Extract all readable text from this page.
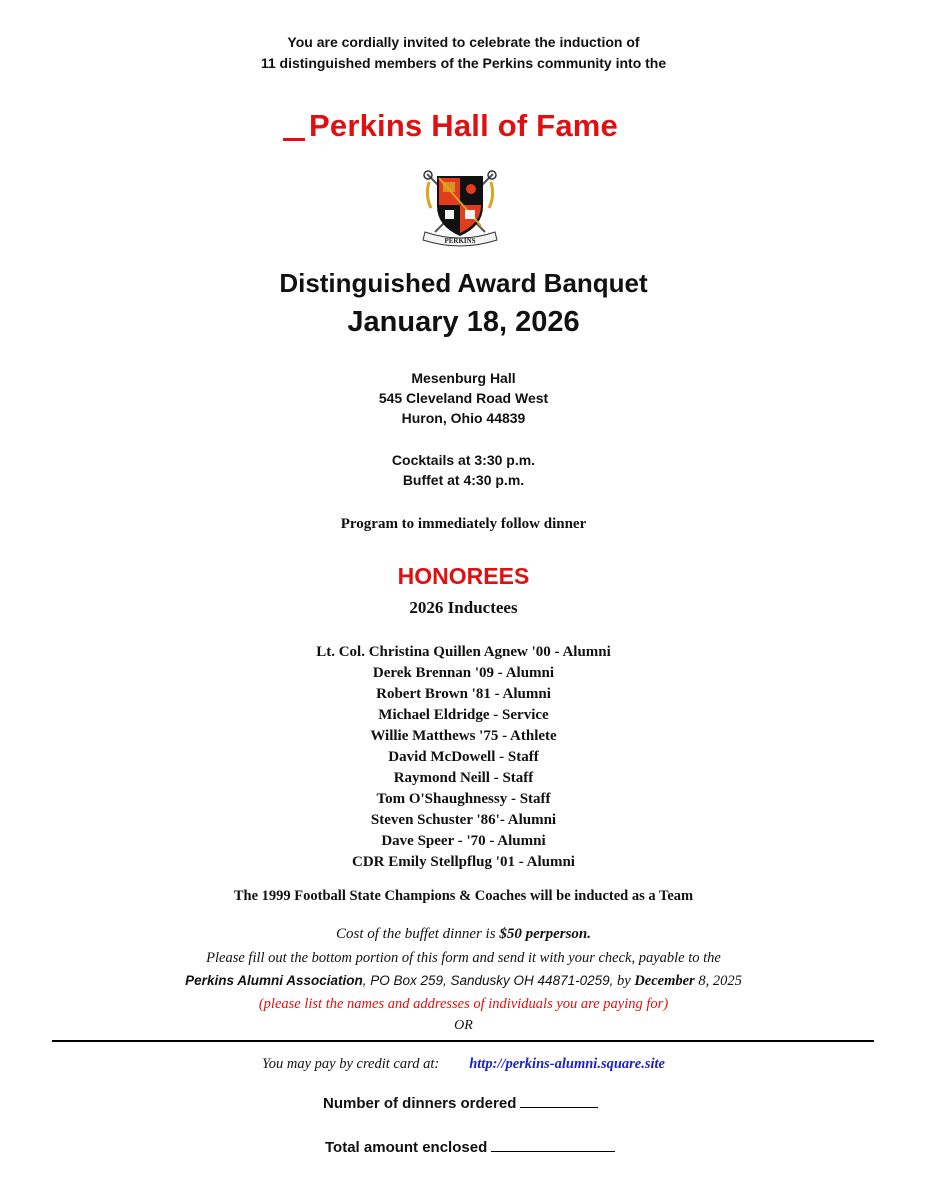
You are cordially invited to celebrate the induction of
11 distinguished members of the Perkins community into the
Perkins Hall of Fame
PERKINS
Distinguished Award Banquet
January 18, 2026
Mesenburg Hall
545 Cleveland Road West
Huron, Ohio 44839
Cocktails at 3:30 p.m.
Buffet at 4:30 p.m.
Program to immediately follow dinner
HONOREES
2026 Inductees
Lt. Col. Christina Quillen Agnew '00 - Alumni
Derek Brennan '09 - Alumni
Robert Brown '81 - Alumni
Michael Eldridge - Service
Willie Matthews '75 - Athlete
David McDowell - Staff
Raymond Neill - Staff
Tom O'Shaughnessy - Staff
Steven Schuster '86'- Alumni
Dave Speer - '70 - Alumni
CDR Emily Stellpflug '01 - Alumni
The 1999 Football State Champions & Coaches will be inducted as a Team
Cost of the buffet dinner is $50 perperson.
Please fill out the bottom portion of this form and send it with your check, payable to the
Perkins Alumni Association, PO Box 259, Sandusky OH 44871-0259, by December 8, 2025
(please list the names and addresses of individuals you are paying for)
OR
You may pay by credit card at: http://perkins-alumni.square.site
Number of dinners ordered
Total amount enclosed
